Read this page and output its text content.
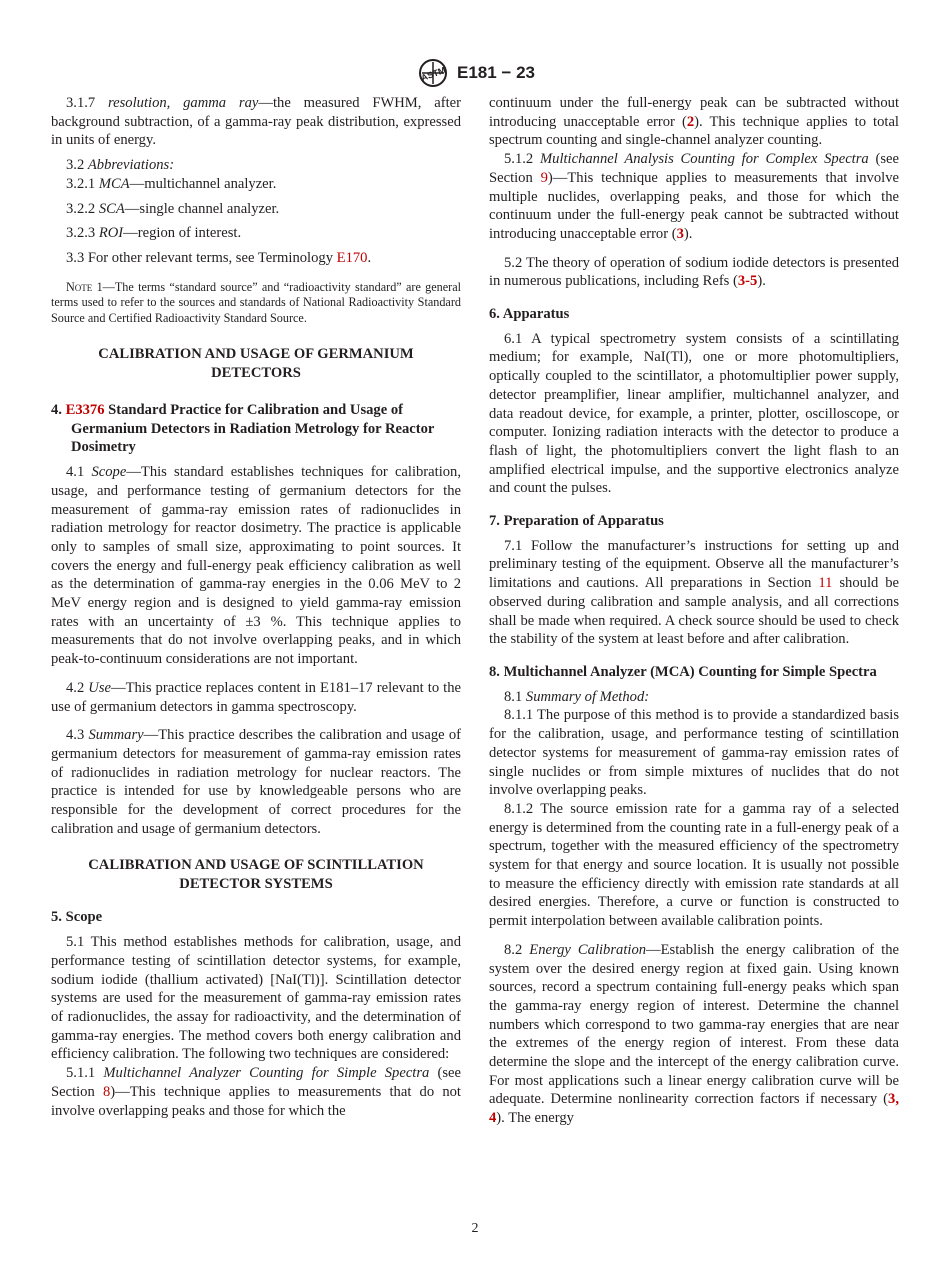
ASTM E181 − 23

3.1.7 resolution, gamma ray—the measured FWHM, after background subtraction, of a gamma-ray peak distribution, expressed in units of energy.

3.2 Abbreviations:

3.2.1 MCA—multichannel analyzer.

3.2.2 SCA—single channel analyzer.

3.2.3 ROI—region of interest.

3.3 For other relevant terms, see Terminology E170.

Note 1—The terms “standard source” and “radioactivity standard” are general terms used to refer to the sources and standards of National Radioactivity Standard Source and Certified Radioactivity Standard Source.

CALIBRATION AND USAGE OF GERMANIUM DETECTORS

4. E3376 Standard Practice for Calibration and Usage of Germanium Detectors in Radiation Metrology for Reactor Dosimetry

4.1 Scope—This standard establishes techniques for calibration, usage, and performance testing of germanium detectors for the measurement of gamma-ray emission rates of radionuclides in radiation metrology for reactor dosimetry. The practice is applicable only to samples of small size, approximating to point sources. It covers the energy and full-energy peak efficiency calibration as well as the determination of gamma-ray energies in the 0.06 MeV to 2 MeV energy region and is designed to yield gamma-ray emission rates with an uncertainty of ±3 %. This technique applies to measurements that do not involve overlapping peaks, and in which peak-to-continuum considerations are not important.

4.2 Use—This practice replaces content in E181–17 relevant to the use of germanium detectors in gamma spectroscopy.

4.3 Summary—This practice describes the calibration and usage of germanium detectors for measurement of gamma-ray emission rates of radionuclides in radiation metrology for nuclear reactors. The practice is intended for use by knowledgeable persons who are responsible for the development of correct procedures for the calibration and usage of germanium detectors.

CALIBRATION AND USAGE OF SCINTILLATION DETECTOR SYSTEMS

5. Scope

5.1 This method establishes methods for calibration, usage, and performance testing of scintillation detector systems, for example, sodium iodide (thallium activated) [NaI(Tl)]. Scintillation detector systems are used for the measurement of gamma-ray emission rates of radionuclides, the assay for radioactivity, and the determination of gamma-ray energies. The method covers both energy calibration and efficiency calibration. The following two techniques are considered:

5.1.1 Multichannel Analyzer Counting for Simple Spectra (see Section 8)—This technique applies to measurements that do not involve overlapping peaks and those for which the

continuum under the full-energy peak can be subtracted without introducing unacceptable error (2). This technique applies to total spectrum counting and single-channel analyzer counting.

5.1.2 Multichannel Analysis Counting for Complex Spectra (see Section 9)—This technique applies to measurements that involve multiple nuclides, overlapping peaks, and those for which the continuum under the full-energy peak cannot be subtracted without introducing unacceptable error (3).

5.2 The theory of operation of sodium iodide detectors is presented in numerous publications, including Refs (3-5).

6. Apparatus

6.1 A typical spectrometry system consists of a scintillating medium; for example, NaI(Tl), one or more photomultipliers, optically coupled to the scintillator, a photomultiplier power supply, detector preamplifier, linear amplifier, multichannel analyzer, and data readout device, for example, a printer, plotter, oscilloscope, or computer. Ionizing radiation interacts with the detector to produce a flash of light, the photomultipliers convert the light flash to an amplified electrical impulse, and the supportive electronics analyze and count the pulses.

7. Preparation of Apparatus

7.1 Follow the manufacturer’s instructions for setting up and preliminary testing of the equipment. Observe all the manufacturer’s limitations and cautions. All preparations in Section 11 should be observed during calibration and sample analysis, and all corrections shall be made when required. A check source should be used to check the stability of the system at least before and after calibration.

8. Multichannel Analyzer (MCA) Counting for Simple Spectra

8.1 Summary of Method:

8.1.1 The purpose of this method is to provide a standardized basis for the calibration, usage, and performance testing of scintillation detector systems for measurement of gamma-ray emission rates of single nuclides or from simple mixtures of nuclides that do not involve overlapping peaks.

8.1.2 The source emission rate for a gamma ray of a selected energy is determined from the counting rate in a full-energy peak of a spectrum, together with the measured efficiency of the spectrometry system for that energy and source location. It is usually not possible to measure the efficiency directly with emission rate standards at all desired energies. Therefore, a curve or function is constructed to permit interpolation between available calibration points.

8.2 Energy Calibration—Establish the energy calibration of the system over the desired energy region at fixed gain. Using known sources, record a spectrum containing full-energy peaks which span the gamma-ray energy region of interest. Determine the channel numbers which correspond to two gamma-ray energies that are near the extremes of the energy region of interest. From these data determine the slope and the intercept of the energy calibration curve. For most applications such a linear energy calibration curve will be adequate. Determine nonlinearity correction factors if necessary (3, 4). The energy

2
